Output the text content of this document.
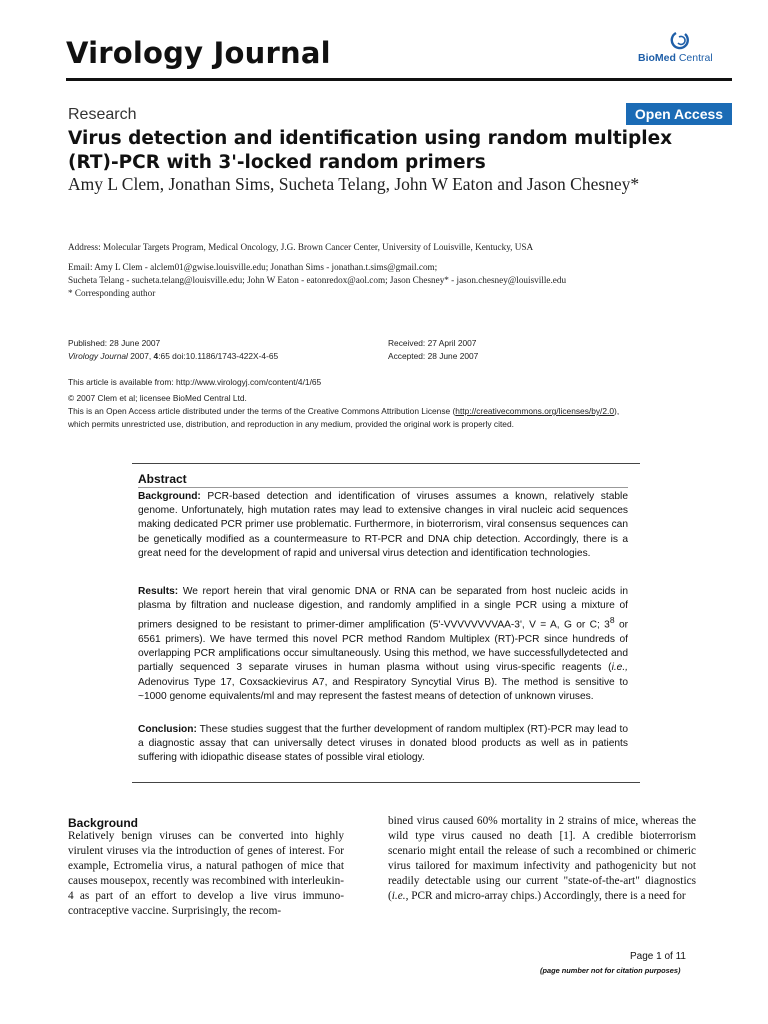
Virology Journal	BioMed Central
Research	Open Access
Virus detection and identification using random multiplex (RT)-PCR with 3'-locked random primers
Amy L Clem, Jonathan Sims, Sucheta Telang, John W Eaton and Jason Chesney*
Address: Molecular Targets Program, Medical Oncology, J.G. Brown Cancer Center, University of Louisville, Kentucky, USA
Email: Amy L Clem - alclem01@gwise.louisville.edu; Jonathan Sims - jonathan.t.sims@gmail.com;
Sucheta Telang - sucheta.telang@louisville.edu; John W Eaton - eatonredox@aol.com; Jason Chesney* - jason.chesney@louisville.edu
* Corresponding author
Published: 28 June 2007
Virology Journal 2007, 4:65 doi:10.1186/1743-422X-4-65
Received: 27 April 2007
Accepted: 28 June 2007
This article is available from: http://www.virologyj.com/content/4/1/65
© 2007 Clem et al; licensee BioMed Central Ltd.
This is an Open Access article distributed under the terms of the Creative Commons Attribution License (http://creativecommons.org/licenses/by/2.0),
which permits unrestricted use, distribution, and reproduction in any medium, provided the original work is properly cited.
Abstract
Background: PCR-based detection and identification of viruses assumes a known, relatively stable genome. Unfortunately, high mutation rates may lead to extensive changes in viral nucleic acid sequences making dedicated PCR primer use problematic. Furthermore, in bioterrorism, viral consensus sequences can be genetically modified as a countermeasure to RT-PCR and DNA chip detection. Accordingly, there is a great need for the development of rapid and universal virus detection and identification technologies.
Results: We report herein that viral genomic DNA or RNA can be separated from host nucleic acids in plasma by filtration and nuclease digestion, and randomly amplified in a single PCR using a mixture of primers designed to be resistant to primer-dimer amplification (5'-VVVVVVVVAA-3', V = A, G or C; $3^8$ or 6561 primers). We have termed this novel PCR method Random Multiplex (RT)-PCR since hundreds of overlapping PCR amplifications occur simultaneously. Using this method, we have successfullydetected and partially sequenced 3 separate viruses in human plasma without using virus-specific reagents (i.e., Adenovirus Type 17, Coxsackievirus A7, and Respiratory Syncytial Virus B). The method is sensitive to ~1000 genome equivalents/ml and may represent the fastest means of detection of unknown viruses.
Conclusion: These studies suggest that the further development of random multiplex (RT)-PCR may lead to a diagnostic assay that can universally detect viruses in donated blood products as well as in patients suffering with idiopathic disease states of possible viral etiology.
Background
Relatively benign viruses can be converted into highly virulent viruses via the introduction of genes of interest. For example, Ectromelia virus, a natural pathogen of mice that causes mousepox, recently was recombined with interleukin-4 as part of an effort to develop a live virus immuno-contraceptive vaccine. Surprisingly, the recom-
bined virus caused 60% mortality in 2 strains of mice, whereas the wild type virus caused no death [1]. A credible bioterrorism scenario might entail the release of such a recombined or chimeric virus tailored for maximum infectivity and pathogenicity but not readily detectable using our current "state-of-the-art" diagnostics (i.e., PCR and micro-array chips.) Accordingly, there is a need for
Page 1 of 11
(page number not for citation purposes)
